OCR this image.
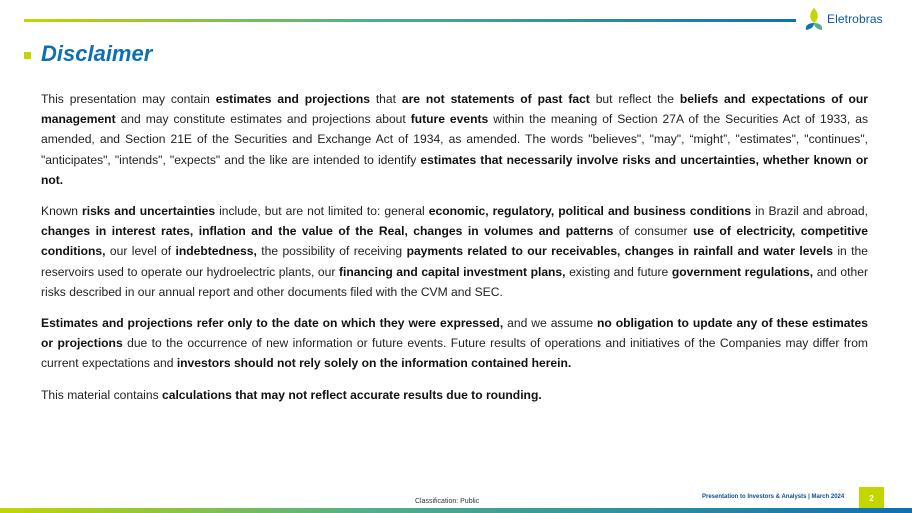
Eletrobras
Disclaimer

This presentation may contain estimates and projections that are not statements of past fact but reflect the beliefs and expectations of our management and may constitute estimates and projections about future events within the meaning of Section 27A of the Securities Act of 1933, as amended, and Section 21E of the Securities and Exchange Act of 1934, as amended. The words "believes", "may", “might”, "estimates", "continues", "anticipates", "intends", "expects" and the like are intended to identify estimates that necessarily involve risks and uncertainties, whether known or not.

Known risks and uncertainties include, but are not limited to: general economic, regulatory, political and business conditions in Brazil and abroad, changes in interest rates, inflation and the value of the Real, changes in volumes and patterns of consumer use of electricity, competitive conditions, our level of indebtedness, the possibility of receiving payments related to our receivables, changes in rainfall and water levels in the reservoirs used to operate our hydroelectric plants, our financing and capital investment plans, existing and future government regulations, and other risks described in our annual report and other documents filed with the CVM and SEC.

Estimates and projections refer only to the date on which they were expressed, and we assume no obligation to update any of these estimates or projections due to the occurrence of new information or future events. Future results of operations and initiatives of the Companies may differ from current expectations and investors should not rely solely on the information contained herein.

This material contains calculations that may not reflect accurate results due to rounding.

Classification: Public
Presentation to Investors & Analysts | March 2024	2
